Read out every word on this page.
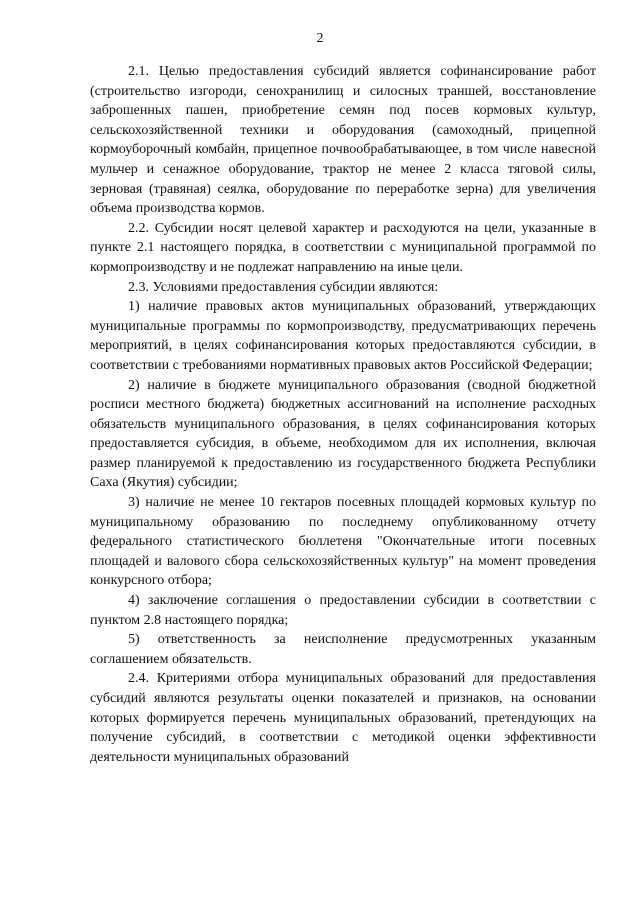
2

2.1. Целью предоставления субсидий является софинансирование работ (строительство изгороди, сенохранилищ и силосных траншей, восстановление заброшенных пашен, приобретение семян под посев кормовых культур, сельскохозяйственной техники и оборудования (самоходный, прицепной кормоуборочный комбайн, прицепное почвообрабатывающее, в том числе навесной мульчер и сенажное оборудование, трактор не менее 2 класса тяговой силы, зерновая (травяная) сеялка, оборудование по переработке зерна) для увеличения объема производства кормов.

2.2. Субсидии носят целевой характер и расходуются на цели, указанные в пункте 2.1 настоящего порядка, в соответствии с муниципальной программой по кормопроизводству и не подлежат направлению на иные цели.

2.3. Условиями предоставления субсидии являются:

1) наличие правовых актов муниципальных образований, утверждающих муниципальные программы по кормопроизводству, предусматривающих перечень мероприятий, в целях софинансирования которых предоставляются субсидии, в соответствии с требованиями нормативных правовых актов Российской Федерации;

2) наличие в бюджете муниципального образования (сводной бюджетной росписи местного бюджета) бюджетных ассигнований на исполнение расходных обязательств муниципального образования, в целях софинансирования которых предоставляется субсидия, в объеме, необходимом для их исполнения, включая размер планируемой к предоставлению из государственного бюджета Республики Саха (Якутия) субсидии;

3) наличие не менее 10 гектаров посевных площадей кормовых культур по муниципальному образованию по последнему опубликованному отчету федерального статистического бюллетеня "Окончательные итоги посевных площадей и валового сбора сельскохозяйственных культур" на момент проведения конкурсного отбора;

4) заключение соглашения о предоставлении субсидии в соответствии с пунктом 2.8 настоящего порядка;

5) ответственность за неисполнение предусмотренных указанным соглашением обязательств.

2.4. Критериями отбора муниципальных образований для предоставления субсидий являются результаты оценки показателей и признаков, на основании которых формируется перечень муниципальных образований, претендующих на получение субсидий, в соответствии с методикой оценки эффективности деятельности муниципальных образований
